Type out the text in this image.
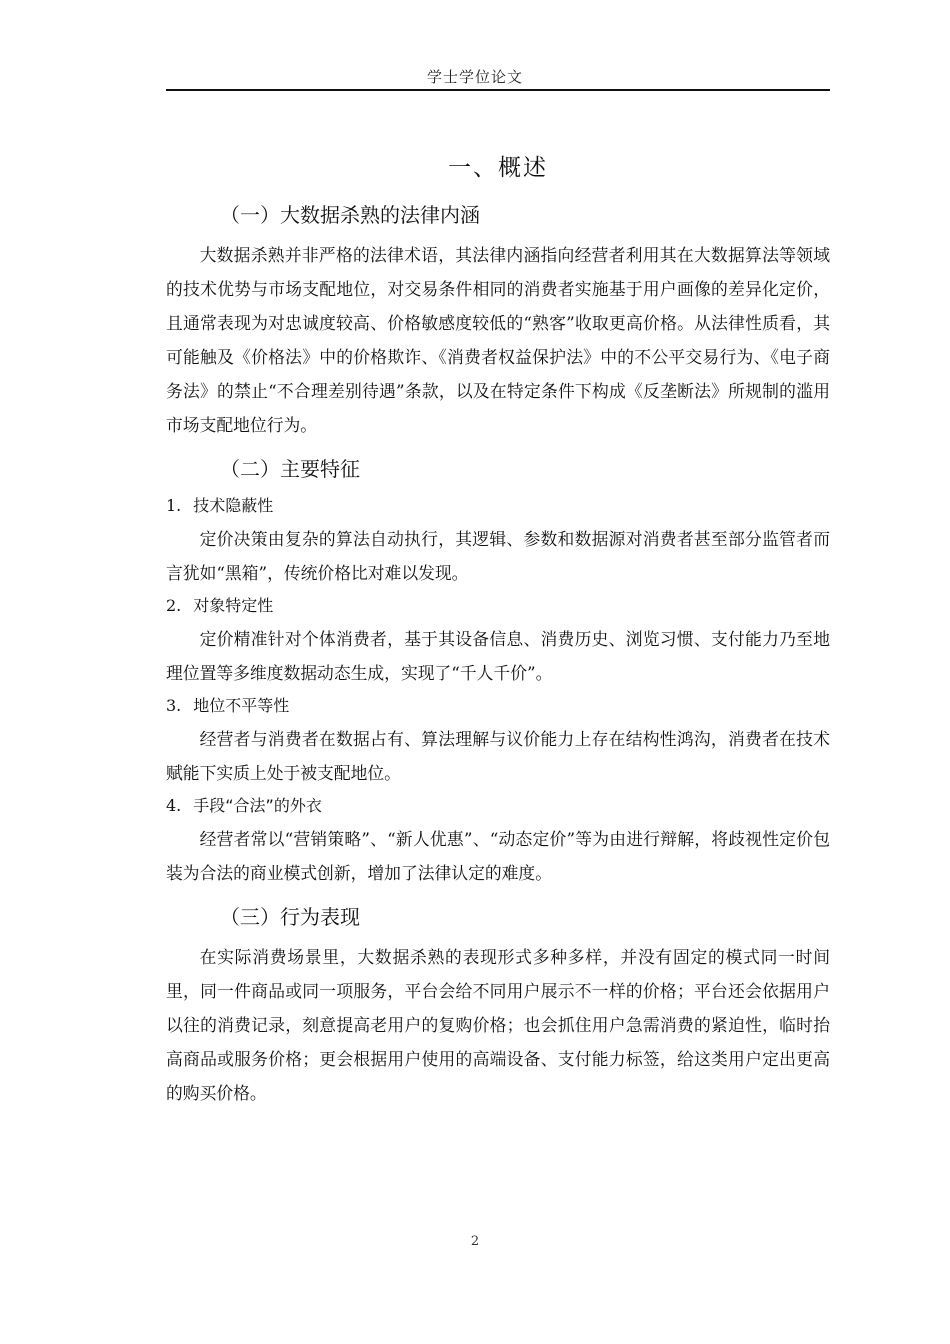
学士学位论文
一、概述
（一）大数据杀熟的法律内涵

大数据杀熟并非严格的法律术语，其法律内涵指向经营者利用其在大数据算法等领域的技术优势与市场支配地位，对交易条件相同的消费者实施基于用户画像的差异化定价，且通常表现为对忠诚度较高、价格敏感度较低的“熟客”收取更高价格。从法律性质看，其可能触及《价格法》中的价格欺诈、《消费者权益保护法》中的不公平交易行为、《电子商务法》的禁止“不合理差别待遇”条款，以及在特定条件下构成《反垄断法》所规制的滥用市场支配地位行为。

（二）主要特征
1. 技术隐蔽性

定价决策由复杂的算法自动执行，其逻辑、参数和数据源对消费者甚至部分监管者而言犹如“黑箱”，传统价格比对难以发现。

2. 对象特定性

定价精准针对个体消费者，基于其设备信息、消费历史、浏览习惯、支付能力乃至地理位置等多维度数据动态生成，实现了“千人千价”。

3. 地位不平等性

经营者与消费者在数据占有、算法理解与议价能力上存在结构性鸿沟，消费者在技术赋能下实质上处于被支配地位。

4. 手段“合法”的外衣

经营者常以“营销策略”、“新人优惠”、“动态定价”等为由进行辩解，将歧视性定价包装为合法的商业模式创新，增加了法律认定的难度。

（三）行为表现

在实际消费场景里，大数据杀熟的表现形式多种多样，并没有固定的模式同一时间里，同一件商品或同一项服务，平台会给不同用户展示不一样的价格；平台还会依据用户以往的消费记录，刻意提高老用户的复购价格；也会抓住用户急需消费的紧迫性，临时抬高商品或服务价格；更会根据用户使用的高端设备、支付能力标签，给这类用户定出更高的购买价格。

2
